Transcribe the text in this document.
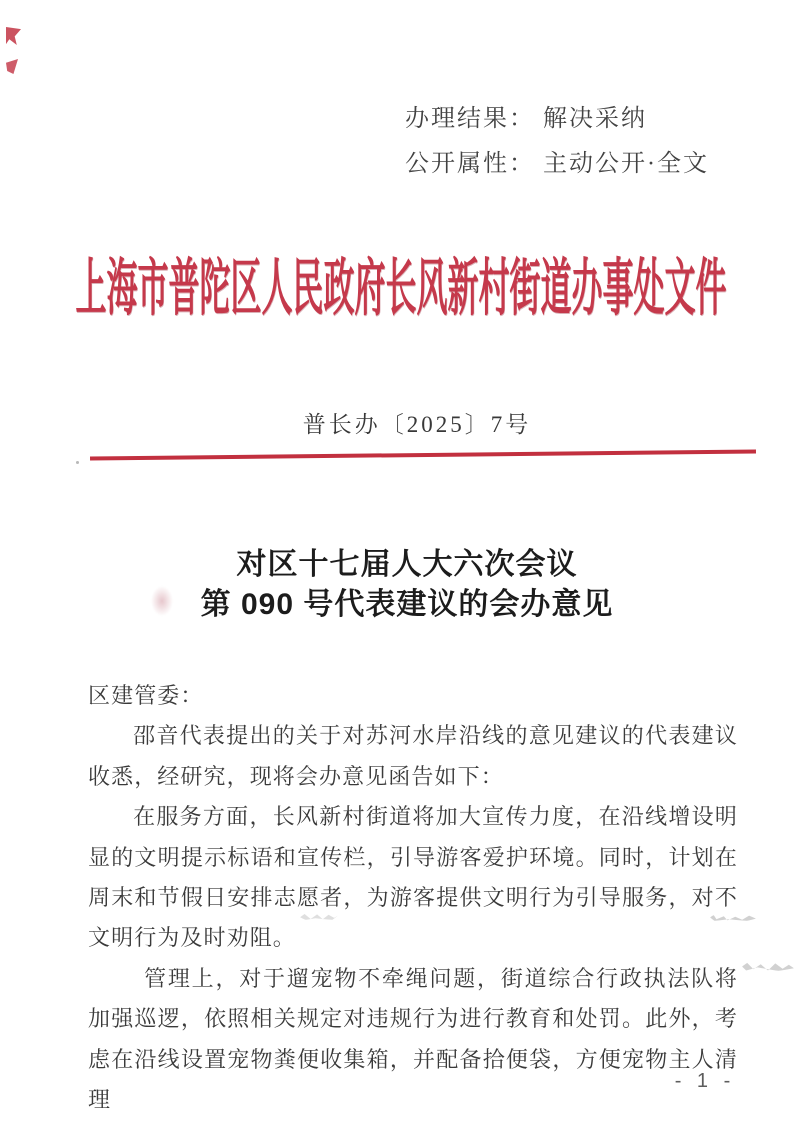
办理结果： 解决采纳
公开属性： 主动公开·全文
上海市普陀区人民政府长风新村街道办事处文件
普长办〔2025〕7号
对区十七届人大六次会议
第 090 号代表建议的会办意见

区建管委：

邵音代表提出的关于对苏河水岸沿线的意见建议的代表建议收悉，经研究，现将会办意见函告如下：

在服务方面，长风新村街道将加大宣传力度，在沿线增设明显的文明提示标语和宣传栏，引导游客爱护环境。同时，计划在周末和节假日安排志愿者，为游客提供文明行为引导服务，对不文明行为及时劝阻。

管理上，对于遛宠物不牵绳问题，街道综合行政执法队将加强巡逻，依照相关规定对违规行为进行教育和处罚。此外，考虑在沿线设置宠物粪便收集箱，并配备拾便袋，方便宠物主人清理

- 1 -
